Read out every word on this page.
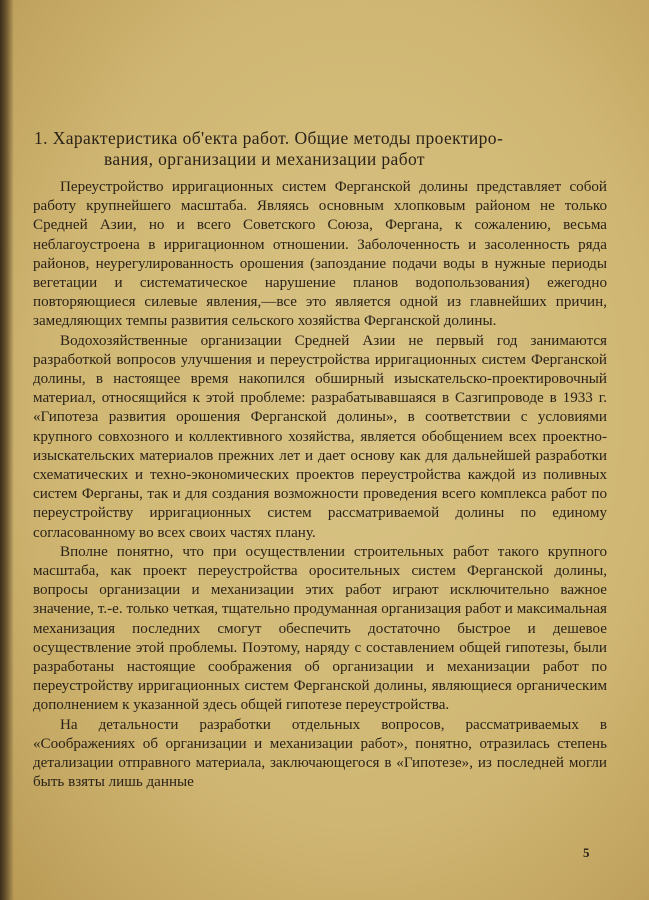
1. Характеристика об'екта работ. Общие методы проектиро-
вания, организации и механизации работ

Переустройство ирригационных систем Ферганской долины представляет собой работу крупнейшего масштаба. Являясь основным хлопковым районом не только Средней Азии, но и всего Советского Союза, Фергана, к сожалению, весьма неблагоустроена в ирригационном отношении. Заболоченность и засоленность ряда районов, неурегулированность орошения (запоздание подачи воды в нужные периоды вегетации и систематическое нарушение планов водопользования) ежегодно повторяющиеся силевые явления,—все это является одной из главнейших причин, замедляющих темпы развития сельского хозяйства Ферганской долины.

Водохозяйственные организации Средней Азии не первый год занимаются разработкой вопросов улучшения и переустройства ирригационных систем Ферганской долины, в настоящее время накопился обширный изыскательско-проектировочный материал, относящийся к этой проблеме: разрабатывавшаяся в Сазгипроводе в 1933 г. «Гипотеза развития орошения Ферганской долины», в соответствии с условиями крупного совхозного и коллективного хозяйства, является обобщением всех проектно-изыскательских материалов прежних лет и дает основу как для дальнейшей разработки схематических и техно-экономических проектов переустройства каждой из поливных систем Ферганы, так и для создания возможности проведения всего комплекса работ по переустройству ирригационных систем рассматриваемой долины по единому согласованному во всех своих частях плану.

Вполне понятно, что при осуществлении строительных работ такого крупного масштаба, как проект переустройства оросительных систем Ферганской долины, вопросы организации и механизации этих работ играют исключительно важное значение, т.-е. только четкая, тщательно продуманная организация работ и максимальная механизация последних смогут обеспечить достаточно быстрое и дешевое осуществление этой проблемы. Поэтому, наряду с составлением общей гипотезы, были разработаны настоящие соображения об организации и механизации работ по переустройству ирригационных систем Ферганской долины, являющиеся органическим дополнением к указанной здесь общей гипотезе переустройства.

На детальности разработки отдельных вопросов, рассматриваемых в «Соображениях об организации и механизации работ», понятно, отразилась степень детализации отправного материала, заключающегося в «Гипотезе», из последней могли быть взяты лишь данные

5
